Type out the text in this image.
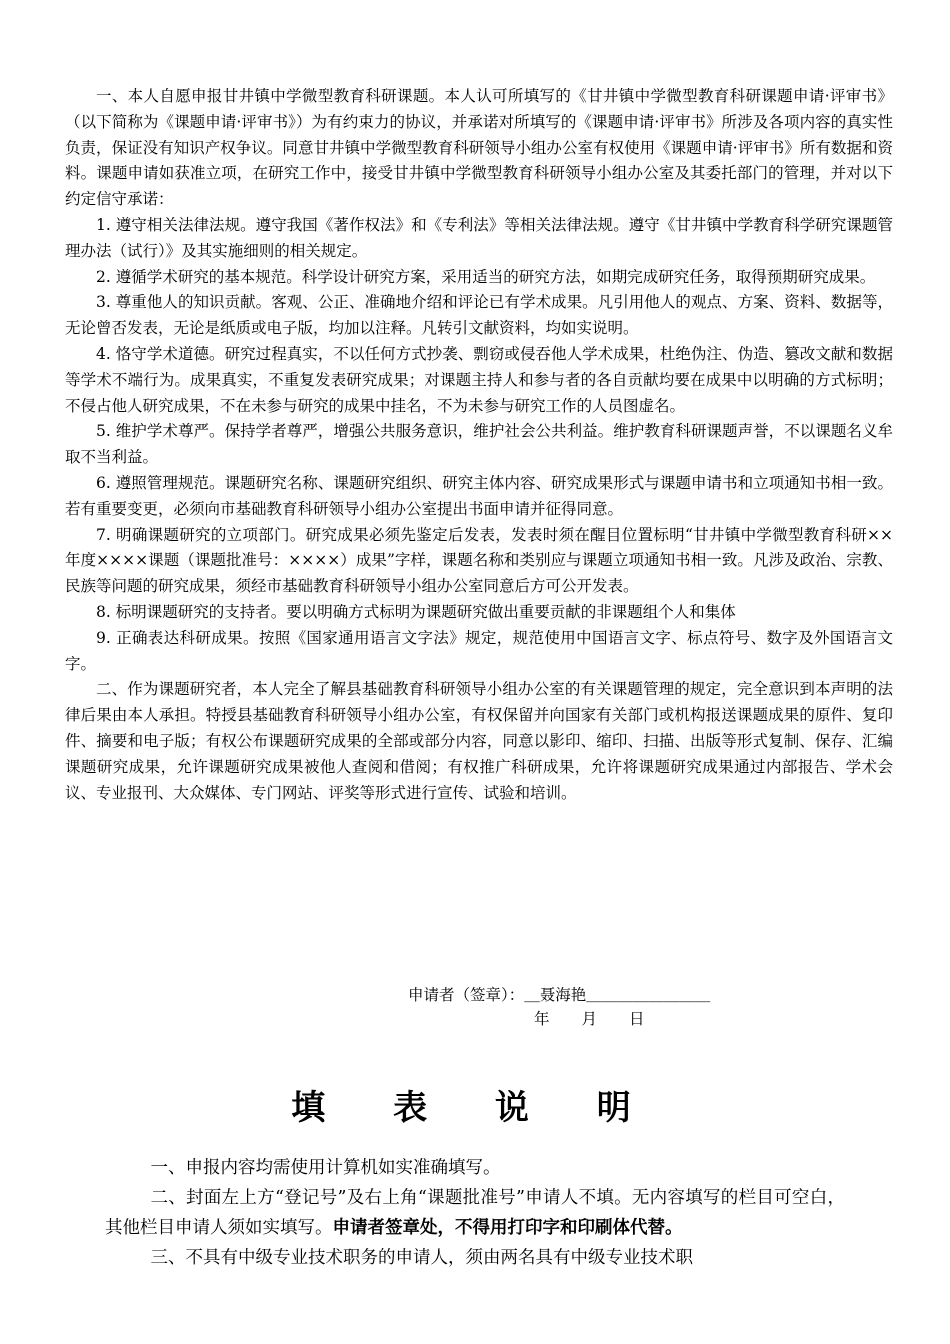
一、本人自愿申报甘井镇中学微型教育科研课题。本人认可所填写的《甘井镇中学微型教育科研课题申请·评审书》（以下简称为《课题申请·评审书》）为有约束力的协议，并承诺对所填写的《课题申请·评审书》所涉及各项内容的真实性负责，保证没有知识产权争议。同意甘井镇中学微型教育科研领导小组办公室有权使用《课题申请·评审书》所有数据和资料。课题申请如获准立项，在研究工作中，接受甘井镇中学微型教育科研领导小组办公室及其委托部门的管理，并对以下约定信守承诺：

1. 遵守相关法律法规。遵守我国《著作权法》和《专利法》等相关法律法规。遵守《甘井镇中学教育科学研究课题管理办法（试行）》及其实施细则的相关规定。

2. 遵循学术研究的基本规范。科学设计研究方案，采用适当的研究方法，如期完成研究任务，取得预期研究成果。

3. 尊重他人的知识贡献。客观、公正、准确地介绍和评论已有学术成果。凡引用他人的观点、方案、资料、数据等，无论曾否发表，无论是纸质或电子版，均加以注释。凡转引文献资料，均如实说明。

4. 恪守学术道德。研究过程真实，不以任何方式抄袭、剽窃或侵吞他人学术成果，杜绝伪注、伪造、篡改文献和数据等学术不端行为。成果真实，不重复发表研究成果；对课题主持人和参与者的各自贡献均要在成果中以明确的方式标明；不侵占他人研究成果，不在未参与研究的成果中挂名，不为未参与研究工作的人员图虚名。

5. 维护学术尊严。保持学者尊严，增强公共服务意识，维护社会公共利益。维护教育科研课题声誉，不以课题名义牟取不当利益。

6. 遵照管理规范。课题研究名称、课题研究组织、研究主体内容、研究成果形式与课题申请书和立项通知书相一致。若有重要变更，必须向市基础教育科研领导小组办公室提出书面申请并征得同意。

7. 明确课题研究的立项部门。研究成果必须先鉴定后发表，发表时须在醒目位置标明“甘井镇中学微型教育科研××年度××××课题（课题批准号：××××）成果”字样，课题名称和类别应与课题立项通知书相一致。凡涉及政治、宗教、民族等问题的研究成果，须经市基础教育科研领导小组办公室同意后方可公开发表。

8. 标明课题研究的支持者。要以明确方式标明为课题研究做出重要贡献的非课题组个人和集体

9. 正确表达科研成果。按照《国家通用语言文字法》规定，规范使用中国语言文字、标点符号、数字及外国语言文字。

二、作为课题研究者，本人完全了解县基础教育科研领导小组办公室的有关课题管理的规定，完全意识到本声明的法律后果由本人承担。特授县基础教育科研领导小组办公室，有权保留并向国家有关部门或机构报送课题成果的原件、复印件、摘要和电子版；有权公布课题研究成果的全部或部分内容，同意以影印、缩印、扫描、出版等形式复制、保存、汇编课题研究成果，允许课题研究成果被他人查阅和借阅；有权推广科研成果，允许将课题研究成果通过内部报告、学术会议、专业报刊、大众媒体、专门网站、评奖等形式进行宣传、试验和培训。

申请者（签章）：＿聂海艳＿＿＿＿＿＿＿＿
年 月 日
填 表 说 明

一、申报内容均需使用计算机如实准确填写。

二、封面左上方“登记号”及右上角“课题批准号”申请人不填。无内容填写的栏目可空白，其他栏目申请人须如实填写。申请者签章处，不得用打印字和印刷体代替。

三、不具有中级专业技术职务的申请人，须由两名具有中级专业技术职
